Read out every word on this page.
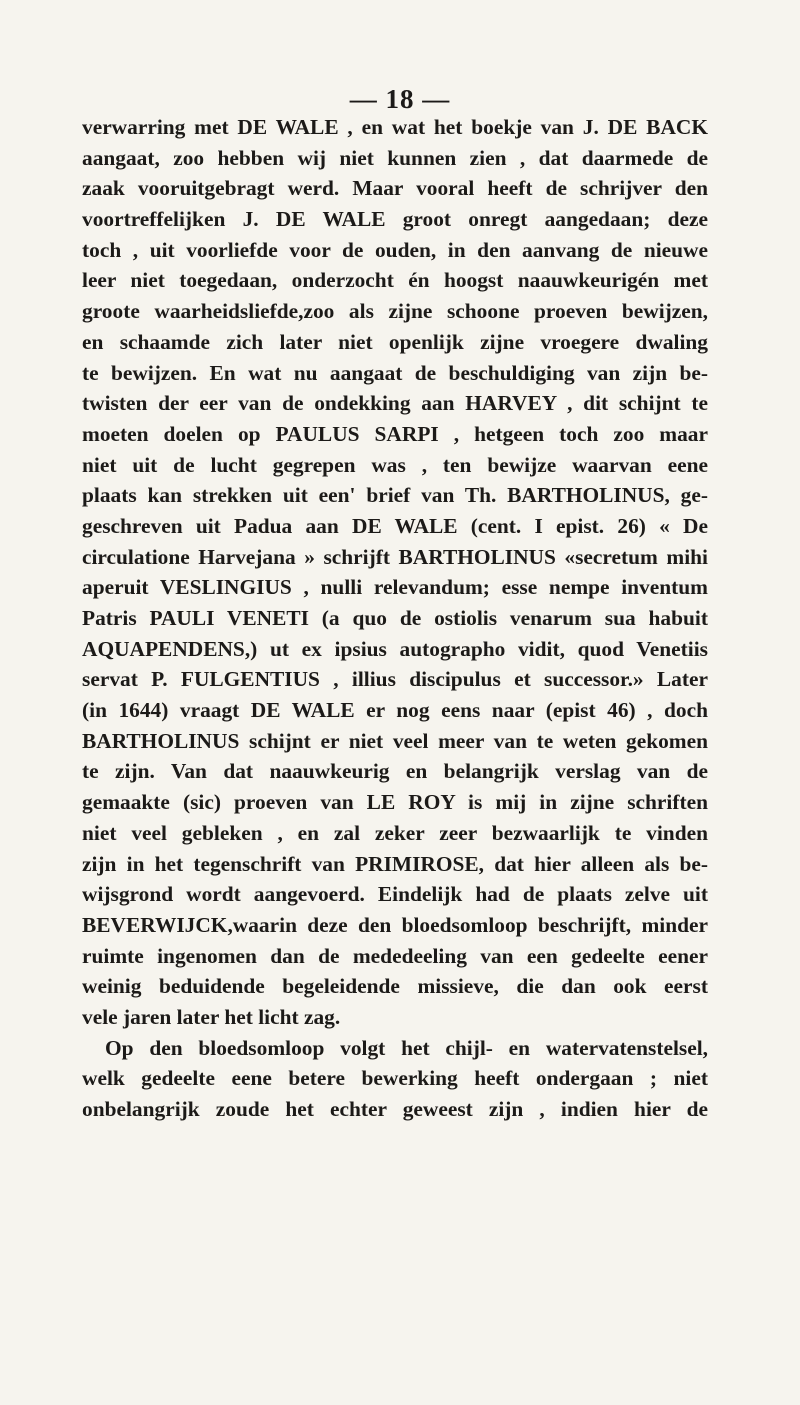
— 18 —
verwarring met DE WALE , en wat het boekje van J. DE BACK
aangaat, zoo hebben wij niet kunnen zien , dat daarmede de
zaak vooruitgebragt werd. Maar vooral heeft de schrijver den
voortreffelijken J. DE WALE groot onregt aangedaan; deze
toch , uit voorliefde voor de ouden, in den aanvang de nieuwe
leer niet toegedaan, onderzocht én hoogst naauwkeurigén met
groote waarheidsliefde,zoo als zijne schoone proeven bewijzen,
en schaamde zich later niet openlijk zijne vroegere dwaling
te bewijzen. En wat nu aangaat de beschuldiging van zijn be-
twisten der eer van de ondekking aan HARVEY , dit schijnt te
moeten doelen op PAULUS SARPI , hetgeen toch zoo maar
niet uit de lucht gegrepen was , ten bewijze waarvan eene
plaats kan strekken uit een' brief van Th. BARTHOLINUS, ge-
geschreven uit Padua aan DE WALE (cent. I epist. 26) « De
circulatione Harvejana » schrijft BARTHOLINUS «secretum mihi
aperuit VESLINGIUS , nulli relevandum; esse nempe inventum
Patris PAULI VENETI (a quo de ostiolis venarum sua habuit
AQUAPENDENS,) ut ex ipsius autographo vidit, quod Venetiis
servat P. FULGENTIUS , illius discipulus et successor.» Later
(in 1644) vraagt DE WALE er nog eens naar (epist 46) , doch
BARTHOLINUS schijnt er niet veel meer van te weten gekomen
te zijn. Van dat naauwkeurig en belangrijk verslag van de
gemaakte (sic) proeven van LE ROY is mij in zijne schriften
niet veel gebleken , en zal zeker zeer bezwaarlijk te vinden
zijn in het tegenschrift van PRIMIROSE, dat hier alleen als be-
wijsgrond wordt aangevoerd. Eindelijk had de plaats zelve uit
BEVERWIJCK,waarin deze den bloedsomloop beschrijft, minder
ruimte ingenomen dan de mededeeling van een gedeelte eener
weinig beduidende begeleidende missieve, die dan ook eerst
vele jaren later het licht zag.
Op den bloedsomloop volgt het chijl- en watervatenstelsel,
welk gedeelte eene betere bewerking heeft ondergaan ; niet
onbelangrijk zoude het echter geweest zijn , indien hier de
